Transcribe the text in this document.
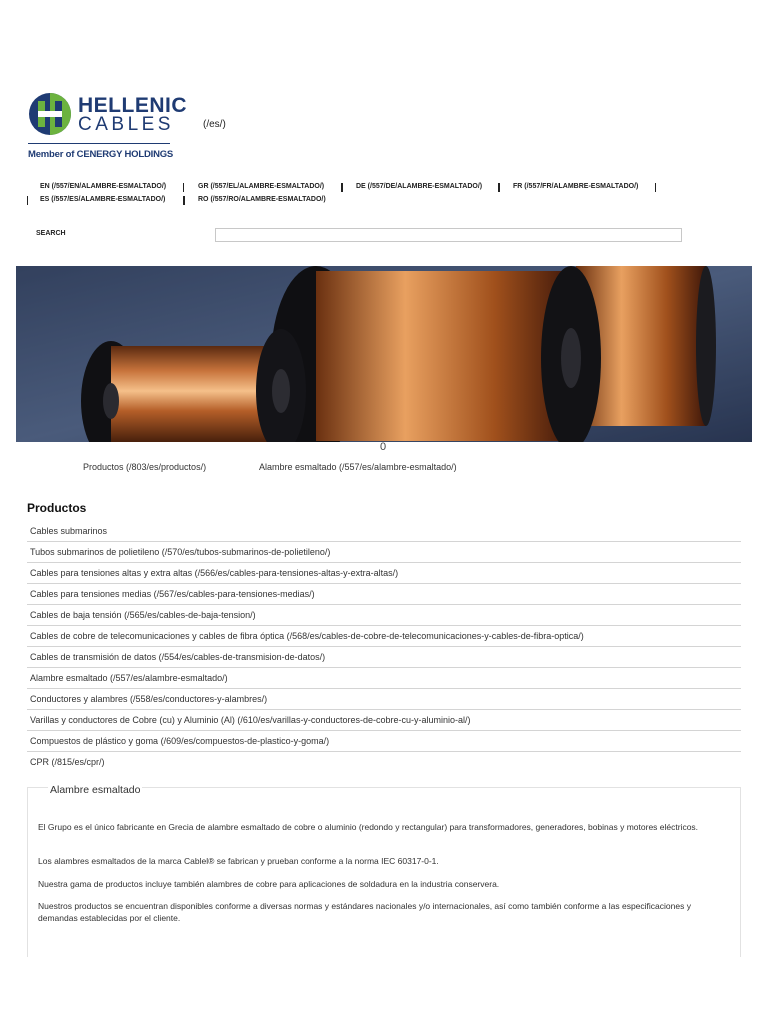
HELLENIC
CABLES	(/es/)
Member of CENERGY HOLDINGS
EN (/557/EN/ALAMBRE-ESMALTADO/)	GR (/557/EL/ALAMBRE-ESMALTADO/)	DE (/557/DE/ALAMBRE-ESMALTADO/)	FR (/557/FR/ALAMBRE-ESMALTADO/)
ES (/557/ES/ALAMBRE-ESMALTADO/)	RO (/557/RO/ALAMBRE-ESMALTADO/)
SEARCH
0
Productos (/803/es/productos/)	Alambre esmaltado (/557/es/alambre-esmaltado/)
Productos
Cables submarinos
Tubos submarinos de polietileno (/570/es/tubos-submarinos-de-polietileno/)
Cables para tensiones altas y extra altas (/566/es/cables-para-tensiones-altas-y-extra-altas/)
Cables para tensiones medias (/567/es/cables-para-tensiones-medias/)
Cables de baja tensión (/565/es/cables-de-baja-tension/)
Cables de cobre de telecomunicaciones y cables de fibra óptica (/568/es/cables-de-cobre-de-telecomunicaciones-y-cables-de-fibra-optica/)
Cables de transmisión de datos (/554/es/cables-de-transmision-de-datos/)
Alambre esmaltado (/557/es/alambre-esmaltado/)
Conductores y alambres (/558/es/conductores-y-alambres/)
Varillas y conductores de Cobre (cu) y Aluminio (Al) (/610/es/varillas-y-conductores-de-cobre-cu-y-aluminio-al/)
Compuestos de plástico y goma (/609/es/compuestos-de-plastico-y-goma/)
CPR (/815/es/cpr/)
Alambre esmaltado

El Grupo es el único fabricante en Grecia de alambre esmaltado de cobre o aluminio (redondo y rectangular) para transformadores, generadores, bobinas y motores eléctricos.

Los alambres esmaltados de la marca Cablel® se fabrican y prueban conforme a la norma IEC 60317-0-1.

Nuestra gama de productos incluye también alambres de cobre para aplicaciones de soldadura en la industria conservera.

Nuestros productos se encuentran disponibles conforme a diversas normas y estándares nacionales y/o internacionales, así como también conforme a las especificaciones y demandas establecidas por el cliente.
